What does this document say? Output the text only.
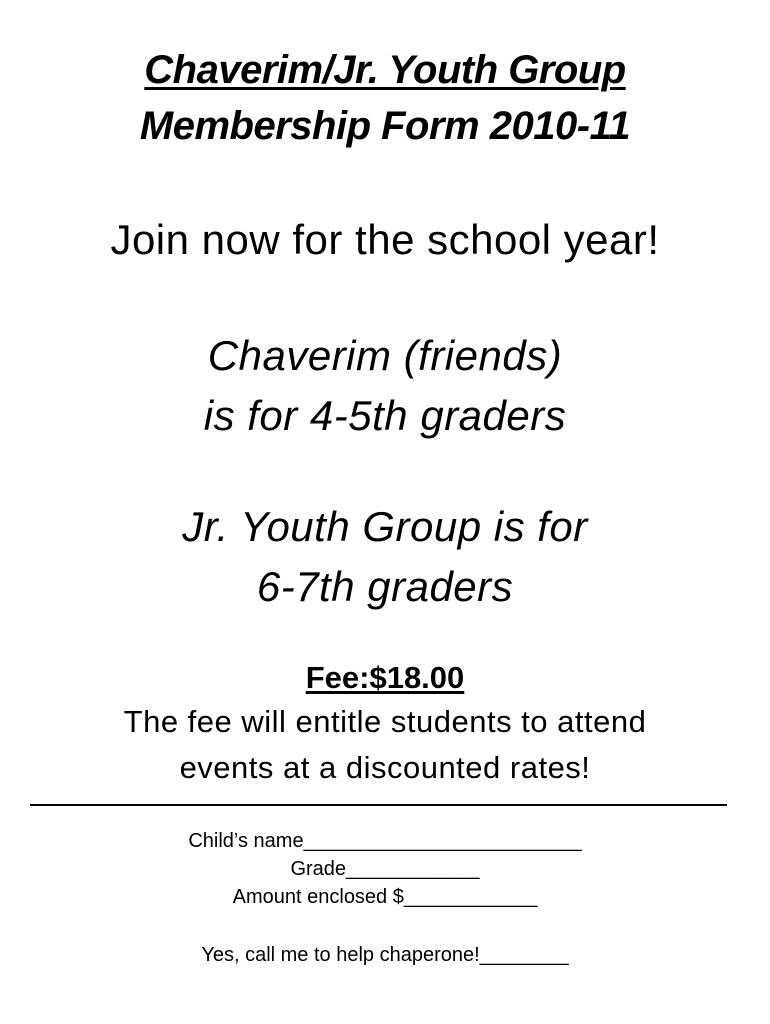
Chaverim/Jr. Youth Group
Membership Form 2010-11
Join now for the school year!
Chaverim (friends)
is for 4-5th graders
Jr. Youth Group is for
6-7th graders
Fee:$18.00
The fee will entitle students to attend
events at a discounted rates!
Child’s name_________________________
Grade____________
Amount enclosed $____________
Yes, call me to help chaperone!________
